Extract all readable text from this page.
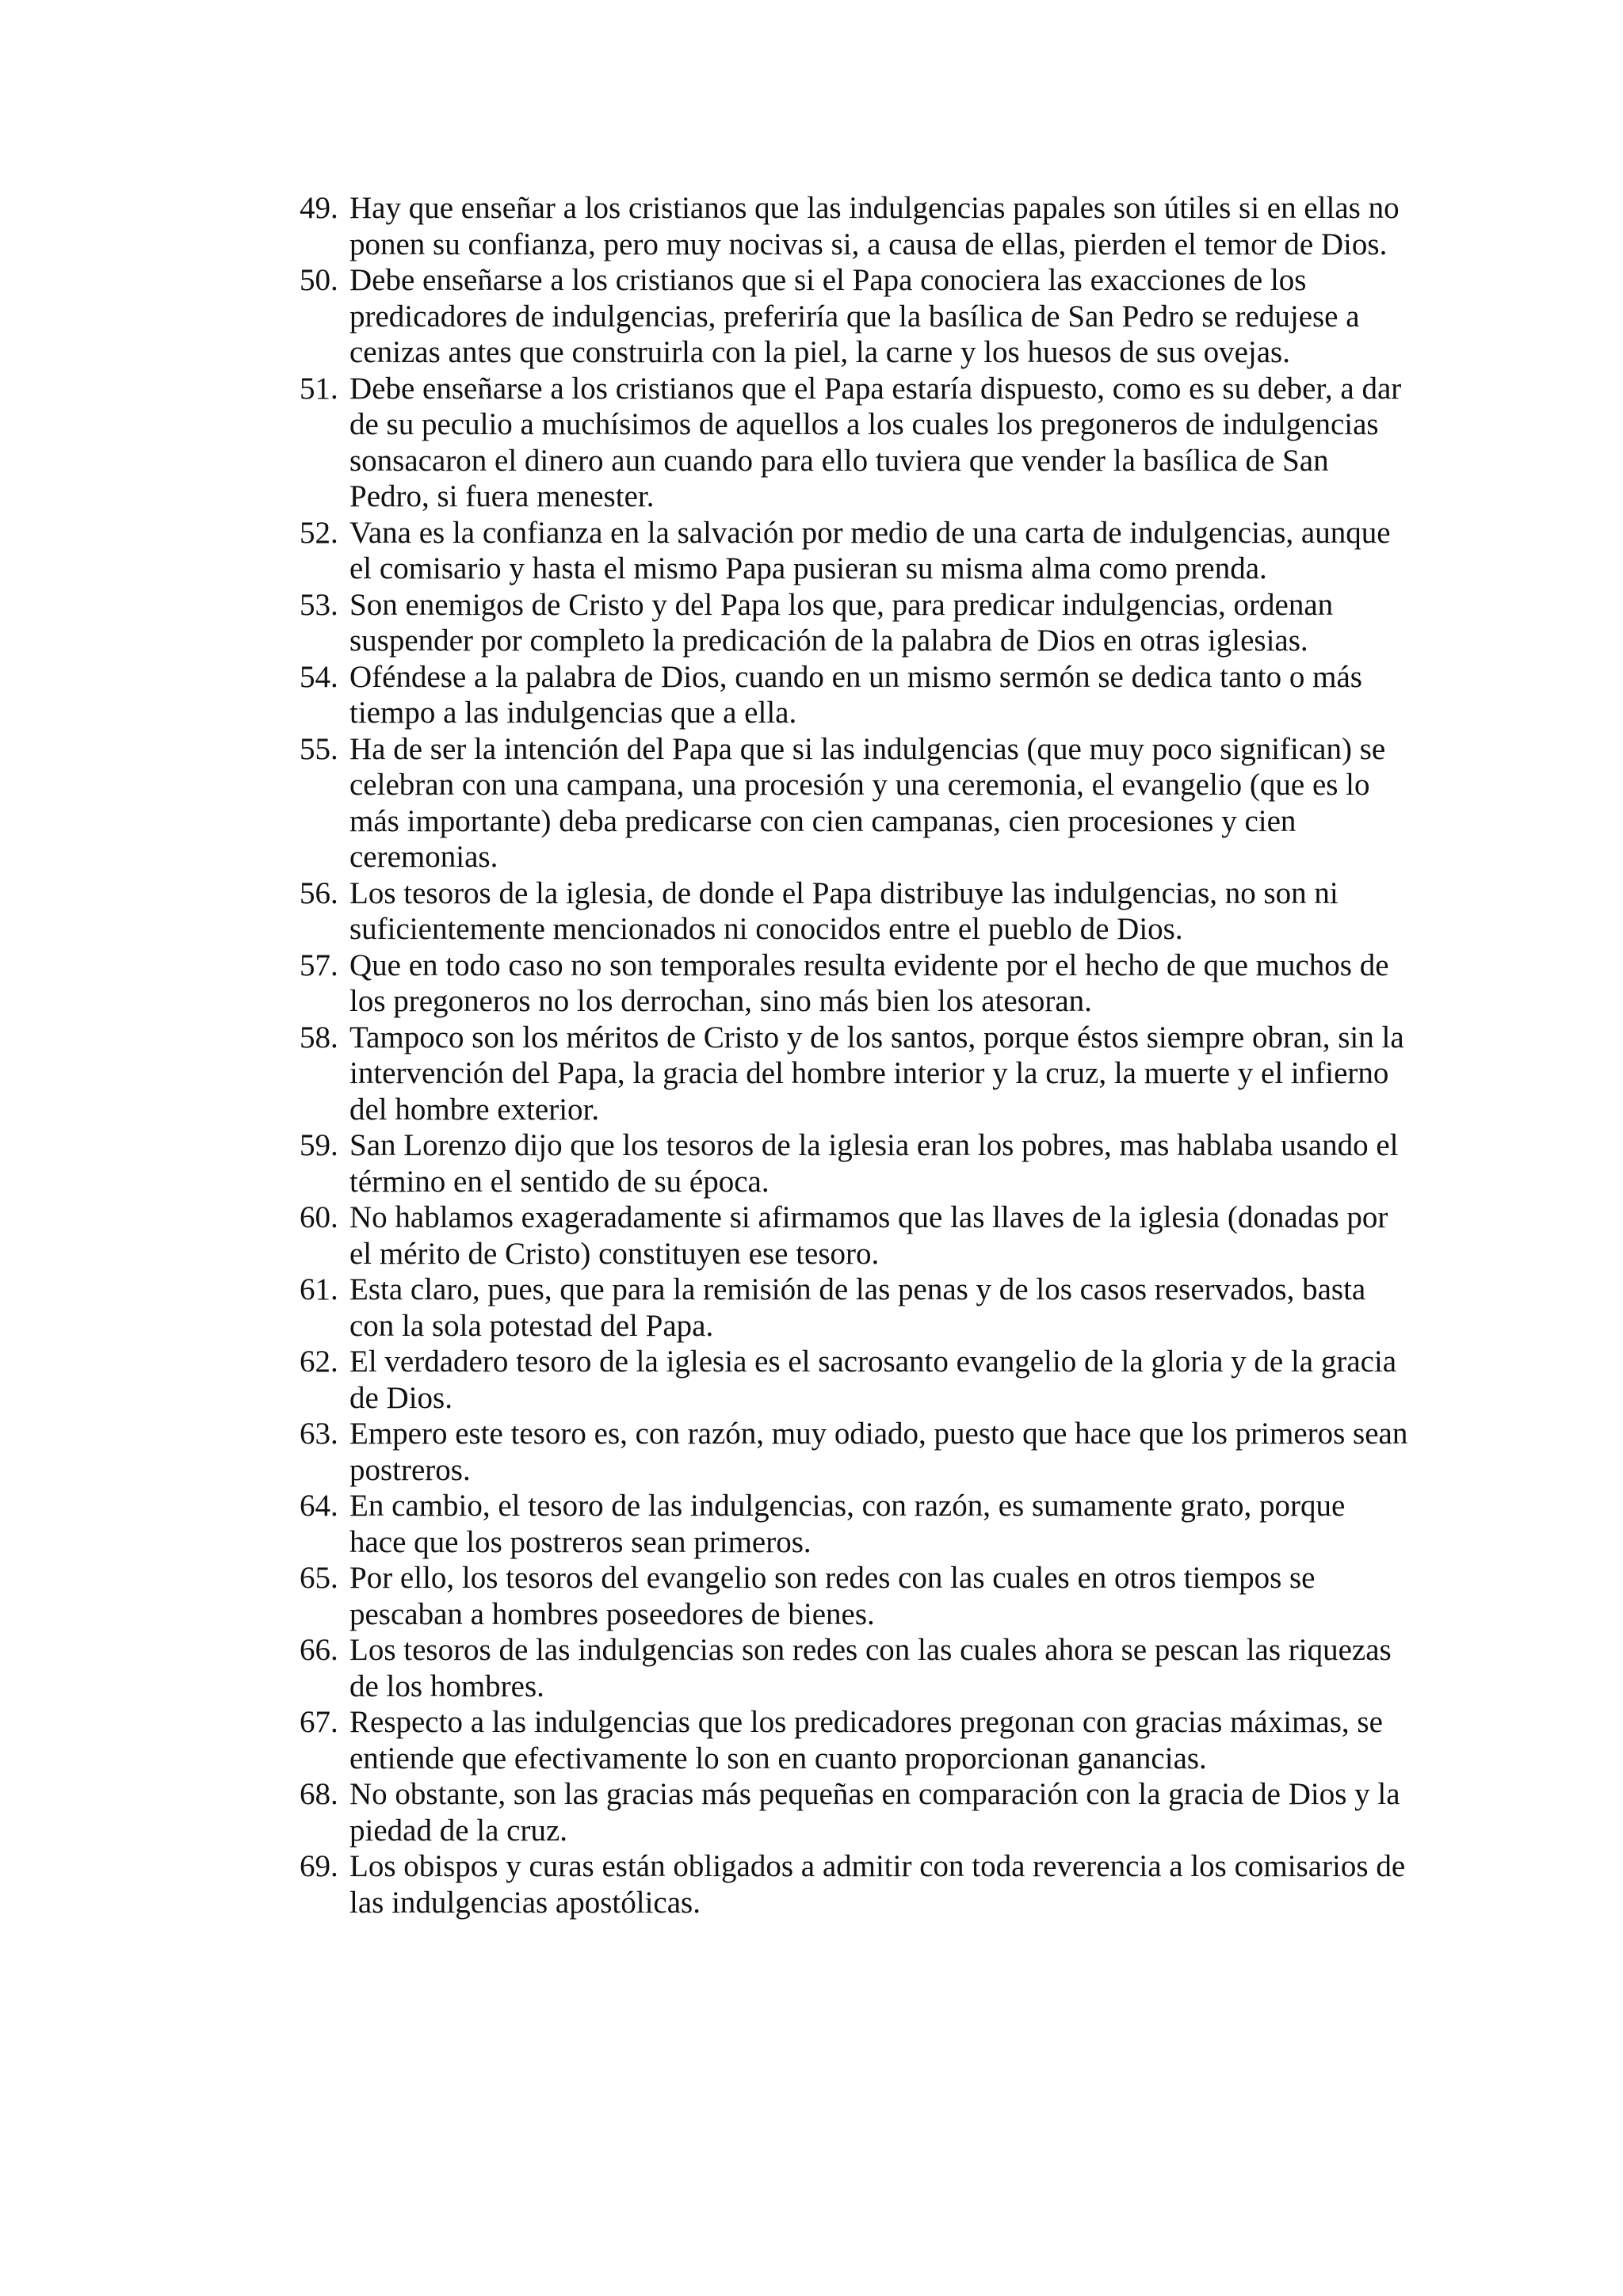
49. Hay que enseñar a los cristianos que las indulgencias papales son útiles si en ellas no ponen su confianza, pero muy nocivas si, a causa de ellas, pierden el temor de Dios.
50. Debe enseñarse a los cristianos que si el Papa conociera las exacciones de los predicadores de indulgencias, preferiría que la basílica de San Pedro se redujese a cenizas antes que construirla con la piel, la carne y los huesos de sus ovejas.
51. Debe enseñarse a los cristianos que el Papa estaría dispuesto, como es su deber, a dar de su peculio a muchísimos de aquellos a los cuales los pregoneros de indulgencias sonsacaron el dinero aun cuando para ello tuviera que vender la basílica de San Pedro, si fuera menester.
52. Vana es la confianza en la salvación por medio de una carta de indulgencias, aunque el comisario y hasta el mismo Papa pusieran su misma alma como prenda.
53. Son enemigos de Cristo y del Papa los que, para predicar indulgencias, ordenan suspender por completo la predicación de la palabra de Dios en otras iglesias.
54. Oféndese a la palabra de Dios, cuando en un mismo sermón se dedica tanto o más tiempo a las indulgencias que a ella.
55. Ha de ser la intención del Papa que si las indulgencias (que muy poco significan) se celebran con una campana, una procesión y una ceremonia, el evangelio (que es lo más importante) deba predicarse con cien campanas, cien procesiones y cien ceremonias.
56. Los tesoros de la iglesia, de donde el Papa distribuye las indulgencias, no son ni suficientemente mencionados ni conocidos entre el pueblo de Dios.
57. Que en todo caso no son temporales resulta evidente por el hecho de que muchos de los pregoneros no los derrochan, sino más bien los atesoran.
58. Tampoco son los méritos de Cristo y de los santos, porque éstos siempre obran, sin la intervención del Papa, la gracia del hombre interior y la cruz, la muerte y el infierno del hombre exterior.
59. San Lorenzo dijo que los tesoros de la iglesia eran los pobres, mas hablaba usando el término en el sentido de su época.
60. No hablamos exageradamente si afirmamos que las llaves de la iglesia (donadas por el mérito de Cristo) constituyen ese tesoro.
61. Esta claro, pues, que para la remisión de las penas y de los casos reservados, basta con la sola potestad del Papa.
62. El verdadero tesoro de la iglesia es el sacrosanto evangelio de la gloria y de la gracia de Dios.
63. Empero este tesoro es, con razón, muy odiado, puesto que hace que los primeros sean postreros.
64. En cambio, el tesoro de las indulgencias, con razón, es sumamente grato, porque hace que los postreros sean primeros.
65. Por ello, los tesoros del evangelio son redes con las cuales en otros tiempos se pescaban a hombres poseedores de bienes.
66. Los tesoros de las indulgencias son redes con las cuales ahora se pescan las riquezas de los hombres.
67. Respecto a las indulgencias que los predicadores pregonan con gracias máximas, se entiende que efectivamente lo son en cuanto proporcionan ganancias.
68. No obstante, son las gracias más pequeñas en comparación con la gracia de Dios y la piedad de la cruz.
69. Los obispos y curas están obligados a admitir con toda reverencia a los comisarios de las indulgencias apostólicas.
